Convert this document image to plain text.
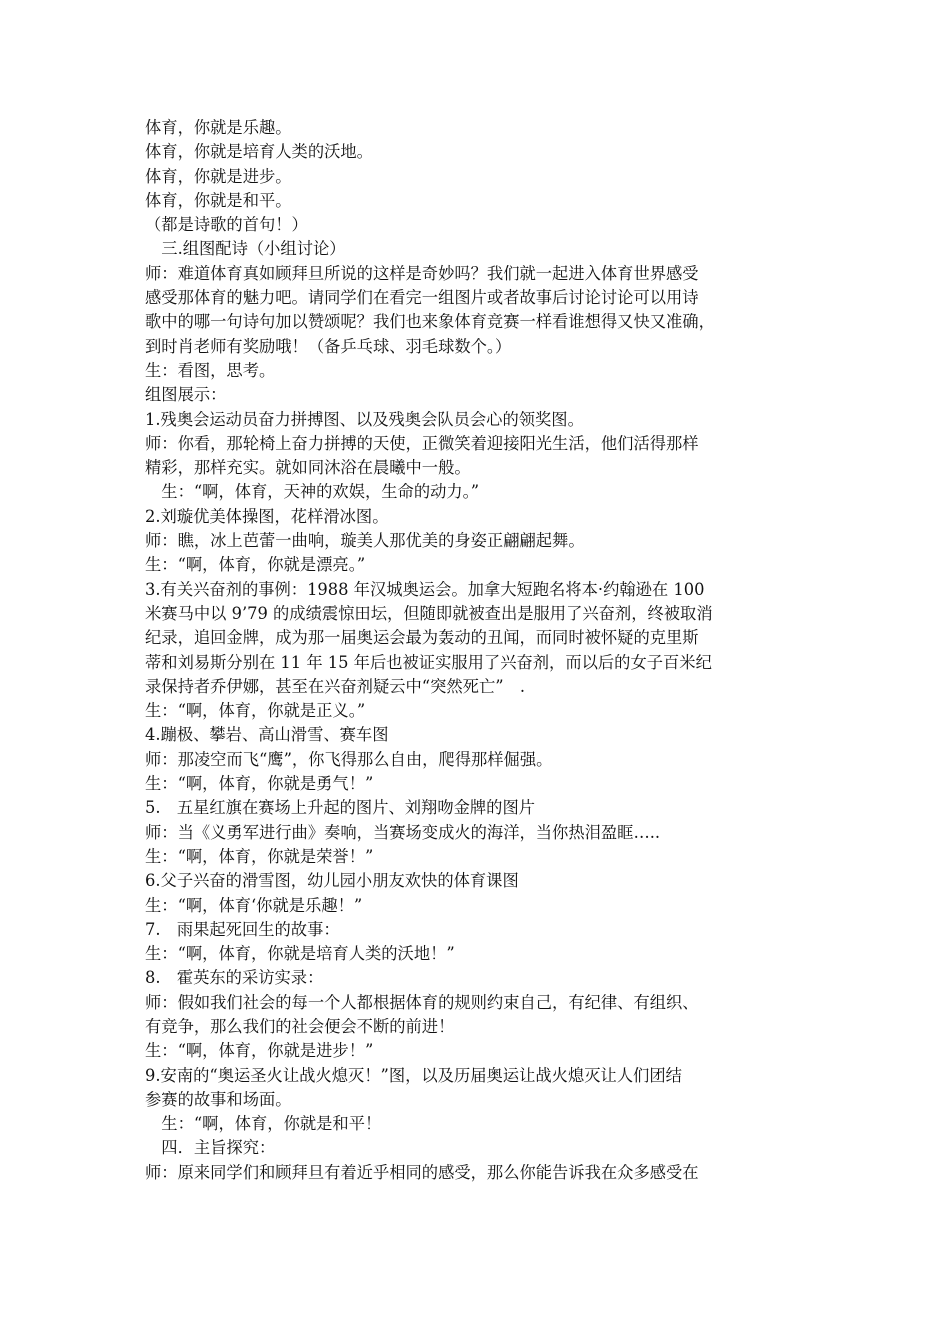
体育，你就是乐趣。
体育，你就是培育人类的沃地。
体育，你就是进步。
体育，你就是和平。
（都是诗歌的首句！）
　三.组图配诗（小组讨论）
师：难道体育真如顾拜旦所说的这样是奇妙吗？我们就一起进入体育世界感受
感受那体育的魅力吧。请同学们在看完一组图片或者故事后讨论讨论可以用诗
歌中的哪一句诗句加以赞颂呢？我们也来象体育竞赛一样看谁想得又快又准确，
到时肖老师有奖励哦！（备乒乓球、羽毛球数个。）
生：看图，思考。
组图展示：
1.残奥会运动员奋力拼搏图、以及残奥会队员会心的领奖图。
师：你看，那轮椅上奋力拼搏的天使，正微笑着迎接阳光生活，他们活得那样
精彩，那样充实。就如同沐浴在晨曦中一般。
　生：“啊，体育，天神的欢娱，生命的动力。”
2.刘璇优美体操图，花样滑冰图。
师：瞧，冰上芭蕾一曲响，璇美人那优美的身姿正翩翩起舞。
生：“啊，体育，你就是漂亮。”
3.有关兴奋剂的事例：1988 年汉城奥运会。加拿大短跑名将本·约翰逊在 100
米赛马中以 9’79 的成绩震惊田坛，但随即就被查出是服用了兴奋剂，终被取消
纪录，追回金牌，成为那一届奥运会最为轰动的丑闻，而同时被怀疑的克里斯
蒂和刘易斯分别在 11 年 15 年后也被证实服用了兴奋剂，而以后的女子百米纪
录保持者乔伊娜，甚至在兴奋剂疑云中“突然死亡”　.
生：“啊，体育，你就是正义。”
4.蹦极、攀岩、高山滑雪、赛车图
师：那凌空而飞“鹰”，你飞得那么自由，爬得那样倔强。
生：“啊，体育，你就是勇气！”
5.　五星红旗在赛场上升起的图片、刘翔吻金牌的图片
师：当《义勇军进行曲》奏响，当赛场变成火的海洋，当你热泪盈眶…..
生：“啊，体育，你就是荣誉！”
6.父子兴奋的滑雪图，幼儿园小朋友欢快的体育课图
生：“啊，体育‘你就是乐趣！”
7.　雨果起死回生的故事：
生：“啊，体育，你就是培育人类的沃地！”
8.　霍英东的采访实录：
师：假如我们社会的每一个人都根据体育的规则约束自己，有纪律、有组织、
有竞争，那么我们的社会便会不断的前进！
生：“啊，体育，你就是进步！”
9.安南的“奥运圣火让战火熄灭！”图，以及历届奥运让战火熄灭让人们团结
参赛的故事和场面。
　生：“啊，体育，你就是和平！
　四．主旨探究：
师：原来同学们和顾拜旦有着近乎相同的感受，那么你能告诉我在众多感受在
